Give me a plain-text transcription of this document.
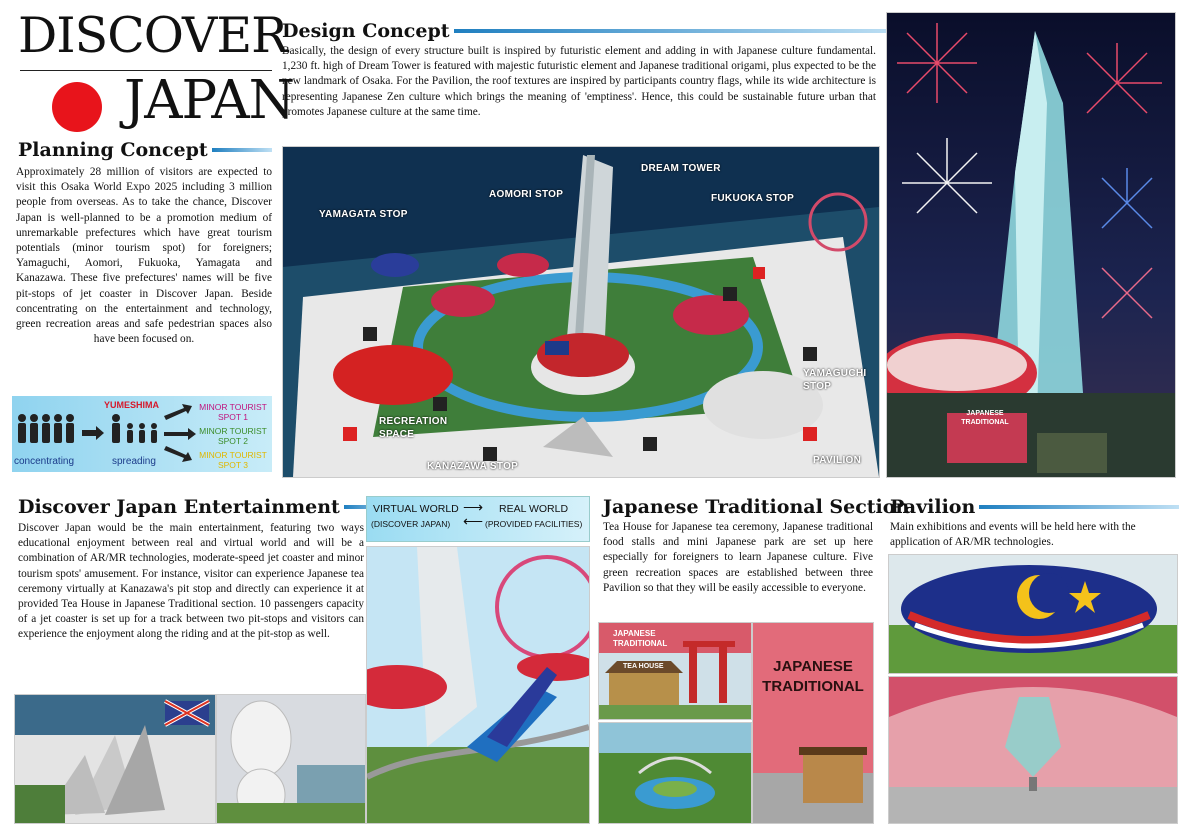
DISCOVER
JAPAN
Planning Concept
Approximately 28 million of visitors are expected to visit this Osaka World Expo 2025 including 3 million people from overseas. As to take the chance, Discover Japan is well-planned to be a promotion medium of unremarkable prefectures which have great tourism potentials (minor tourism spot) for foreigners; Yamaguchi, Aomori, Fukuoka, Yamagata and Kanazawa. These five prefectures' names will be five pit-stops of jet coaster in Discover Japan. Beside concentrating on the entertainment and technology, green recreation areas and safe pedestrian spaces also have been focused on.
YUMESHIMA
concentrating	spreading
MINOR TOURIST SPOT 1
MINOR TOURIST SPOT 2
MINOR TOURIST SPOT 3
Design Concept
Basically, the design of every structure built is inspired by futuristic element and adding in with Japanese culture fundamental. 1,230 ft. high of Dream Tower is featured with majestic futuristic element and Japanese traditional origami, plus expected to be the new landmark of Osaka. For the Pavilion, the roof textures are inspired by participants country flags, while its wide architecture is representing Japanese Zen culture which brings the meaning of 'emptiness'. Hence, this could be sustainable future urban that promotes Japanese culture at the same time.
DREAM TOWER
AOMORI STOP	FUKUOKA STOP
YAMAGATA STOP
YAMAGUCHI STOP
RECREATION SPACE
KANAZAWA STOP
PAVILION
JAPANESE TRADITIONAL
Discover Japan Entertainment
Discover Japan would be the main entertainment, featuring two ways educational enjoyment between real and virtual world and will be a combination of AR/MR technologies, moderate-speed jet coaster and minor tourism spots' amusement. For instance, visitor can experience Japanese tea ceremony virtually at Kanazawa's pit stop and directly can experience it at provided Tea House in Japanese Traditional section. 10 passengers capacity of a jet coaster is set up for a track between two pit-stops and visitors can experience the enjoyment along the riding and at the pit-stop as well.
VIRTUAL WORLD
(DISCOVER JAPAN)
⟶
⟵
REAL WORLD
(PROVIDED FACILITIES)
Japanese Traditional Section
Tea House for Japanese tea ceremony, Japanese traditional food stalls and mini Japanese park are set up here especially for foreigners to learn Japanese culture. Five green recreation spaces are established between three Pavilion so that they will be easily accessible to everyone.
JAPANESE TRADITIONAL
TEA HOUSE	JAPANESE TRADITIONAL
Pavilion
Main exhibitions and events will be held here with the application of AR/MR technologies.
